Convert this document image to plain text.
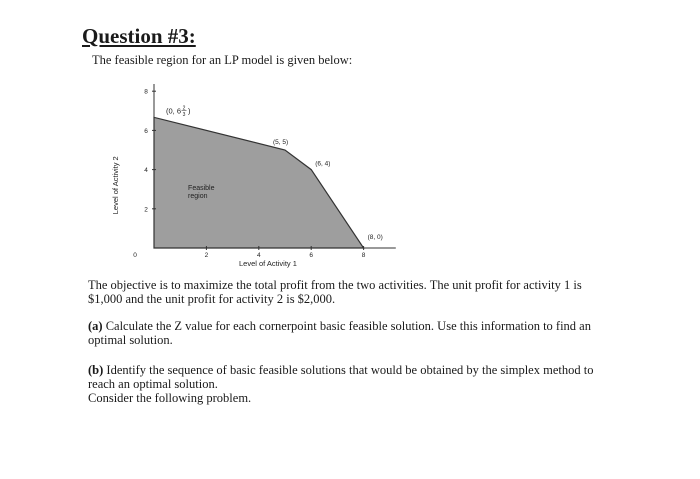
Question #3:

The feasible region for an LP model is given below:

0	2	4	6	8
2
4
6
8
Feasible
region
Level of Activity 1
Level of Activity 2
(5, 5)
(6, 4)
(8, 0)
(0, 6 2
3 )

The objective is to maximize the total profit from the two activities. The unit profit for activity 1 is $1,000 and the unit profit for activity 2 is $2,000.

(a) Calculate the Z value for each cornerpoint basic feasible solution. Use this information to find an optimal solution.

(b) Identify the sequence of basic feasible solutions that would be obtained by the simplex method to reach an optimal solution.
Consider the following problem.
